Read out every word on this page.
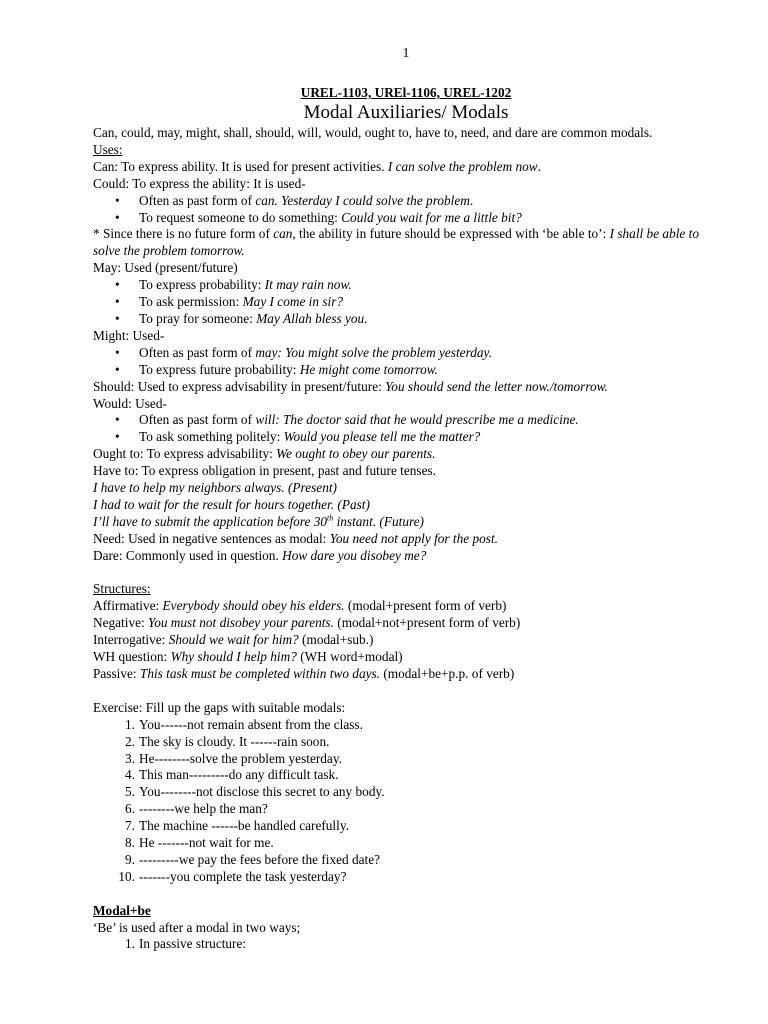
1
UREL-1103, UREl-1106, UREL-1202
Modal Auxiliaries/ Modals
Can, could, may, might, shall, should, will, would, ought to, have to, need, and dare are common modals.
Uses:
Can: To express ability. It is used for present activities. I can solve the problem now.
Could: To express the ability: It is used-
• Often as past form of can. Yesterday I could solve the problem.
• To request someone to do something: Could you wait for me a little bit?
* Since there is no future form of can, the ability in future should be expressed with ‘be able to’: I shall be able to solve the problem tomorrow.
May: Used (present/future)
• To express probability: It may rain now.
• To ask permission: May I come in sir?
• To pray for someone: May Allah bless you.
Might: Used-
• Often as past form of may: You might solve the problem yesterday.
• To express future probability: He might come tomorrow.
Should: Used to express advisability in present/future: You should send the letter now./tomorrow.
Would: Used-
• Often as past form of will: The doctor said that he would prescribe me a medicine.
• To ask something politely: Would you please tell me the matter?
Ought to: To express advisability: We ought to obey our parents.
Have to: To express obligation in present, past and future tenses.
I have to help my neighbors always. (Present)
I had to wait for the result for hours together. (Past)
I’ll have to submit the application before 30th instant. (Future)
Need: Used in negative sentences as modal: You need not apply for the post.
Dare: Commonly used in question. How dare you disobey me?
Structures:
Affirmative: Everybody should obey his elders. (modal+present form of verb)
Negative: You must not disobey your parents. (modal+not+present form of verb)
Interrogative: Should we wait for him? (modal+sub.)
WH question: Why should I help him? (WH word+modal)
Passive: This task must be completed within two days. (modal+be+p.p. of verb)
Exercise: Fill up the gaps with suitable modals:
1. You------not remain absent from the class.
2. The sky is cloudy. It ------rain soon.
3. He--------solve the problem yesterday.
4. This man---------do any difficult task.
5. You--------not disclose this secret to any body.
6. --------we help the man?
7. The machine ------be handled carefully.
8. He -------not wait for me.
9. ---------we pay the fees before the fixed date?
10. -------you complete the task yesterday?
Modal+be
‘Be’ is used after a modal in two ways;
1. In passive structure:
